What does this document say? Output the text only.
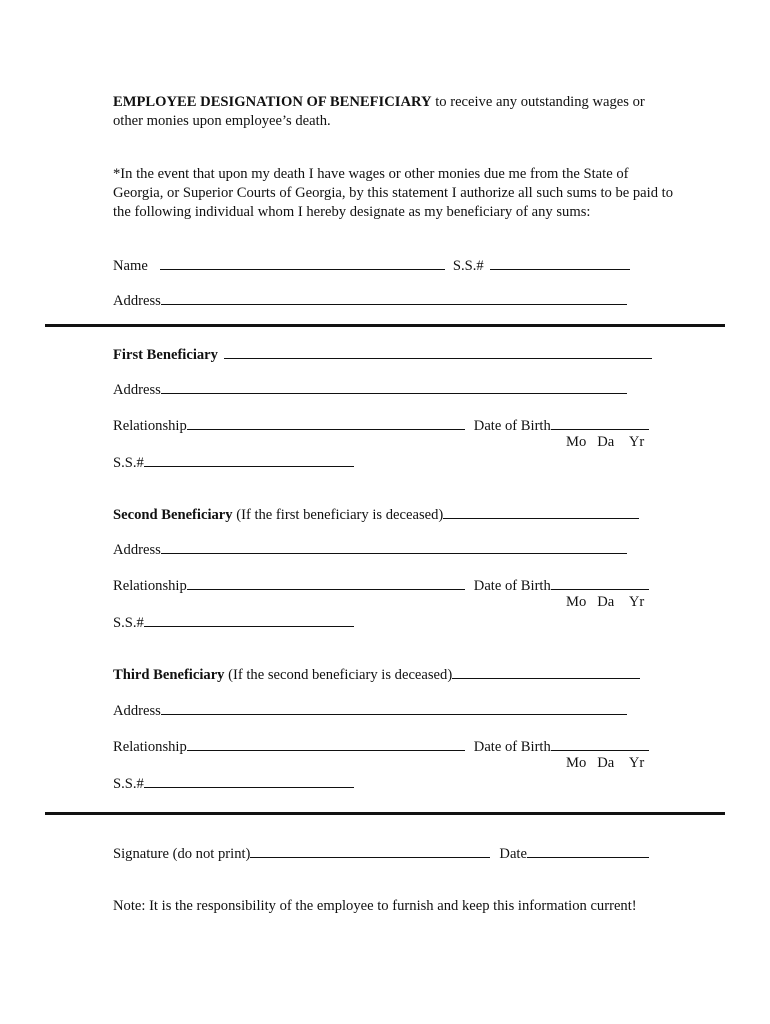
EMPLOYEE DESIGNATION OF BENEFICIARY to receive any outstanding wages or other monies upon employee’s death.
*In the event that upon my death I have wages or other monies due me from the State of Georgia, or Superior Courts of Georgia, by this statement I authorize all such sums to be paid to the following individual whom I hereby designate as my beneficiary of any sums:
Name	S.S.#
Address
First Beneficiary
Address
Relationship	Date of Birth
Mo Da Yr
S.S.#
Second Beneficiary (If the first beneficiary is deceased)
Address
Relationship	Date of Birth
Mo Da Yr
S.S.#
Third Beneficiary (If the second beneficiary is deceased)
Address
Relationship	Date of Birth
Mo Da Yr
S.S.#
Signature (do not print)	Date
Note: It is the responsibility of the employee to furnish and keep this information current!
